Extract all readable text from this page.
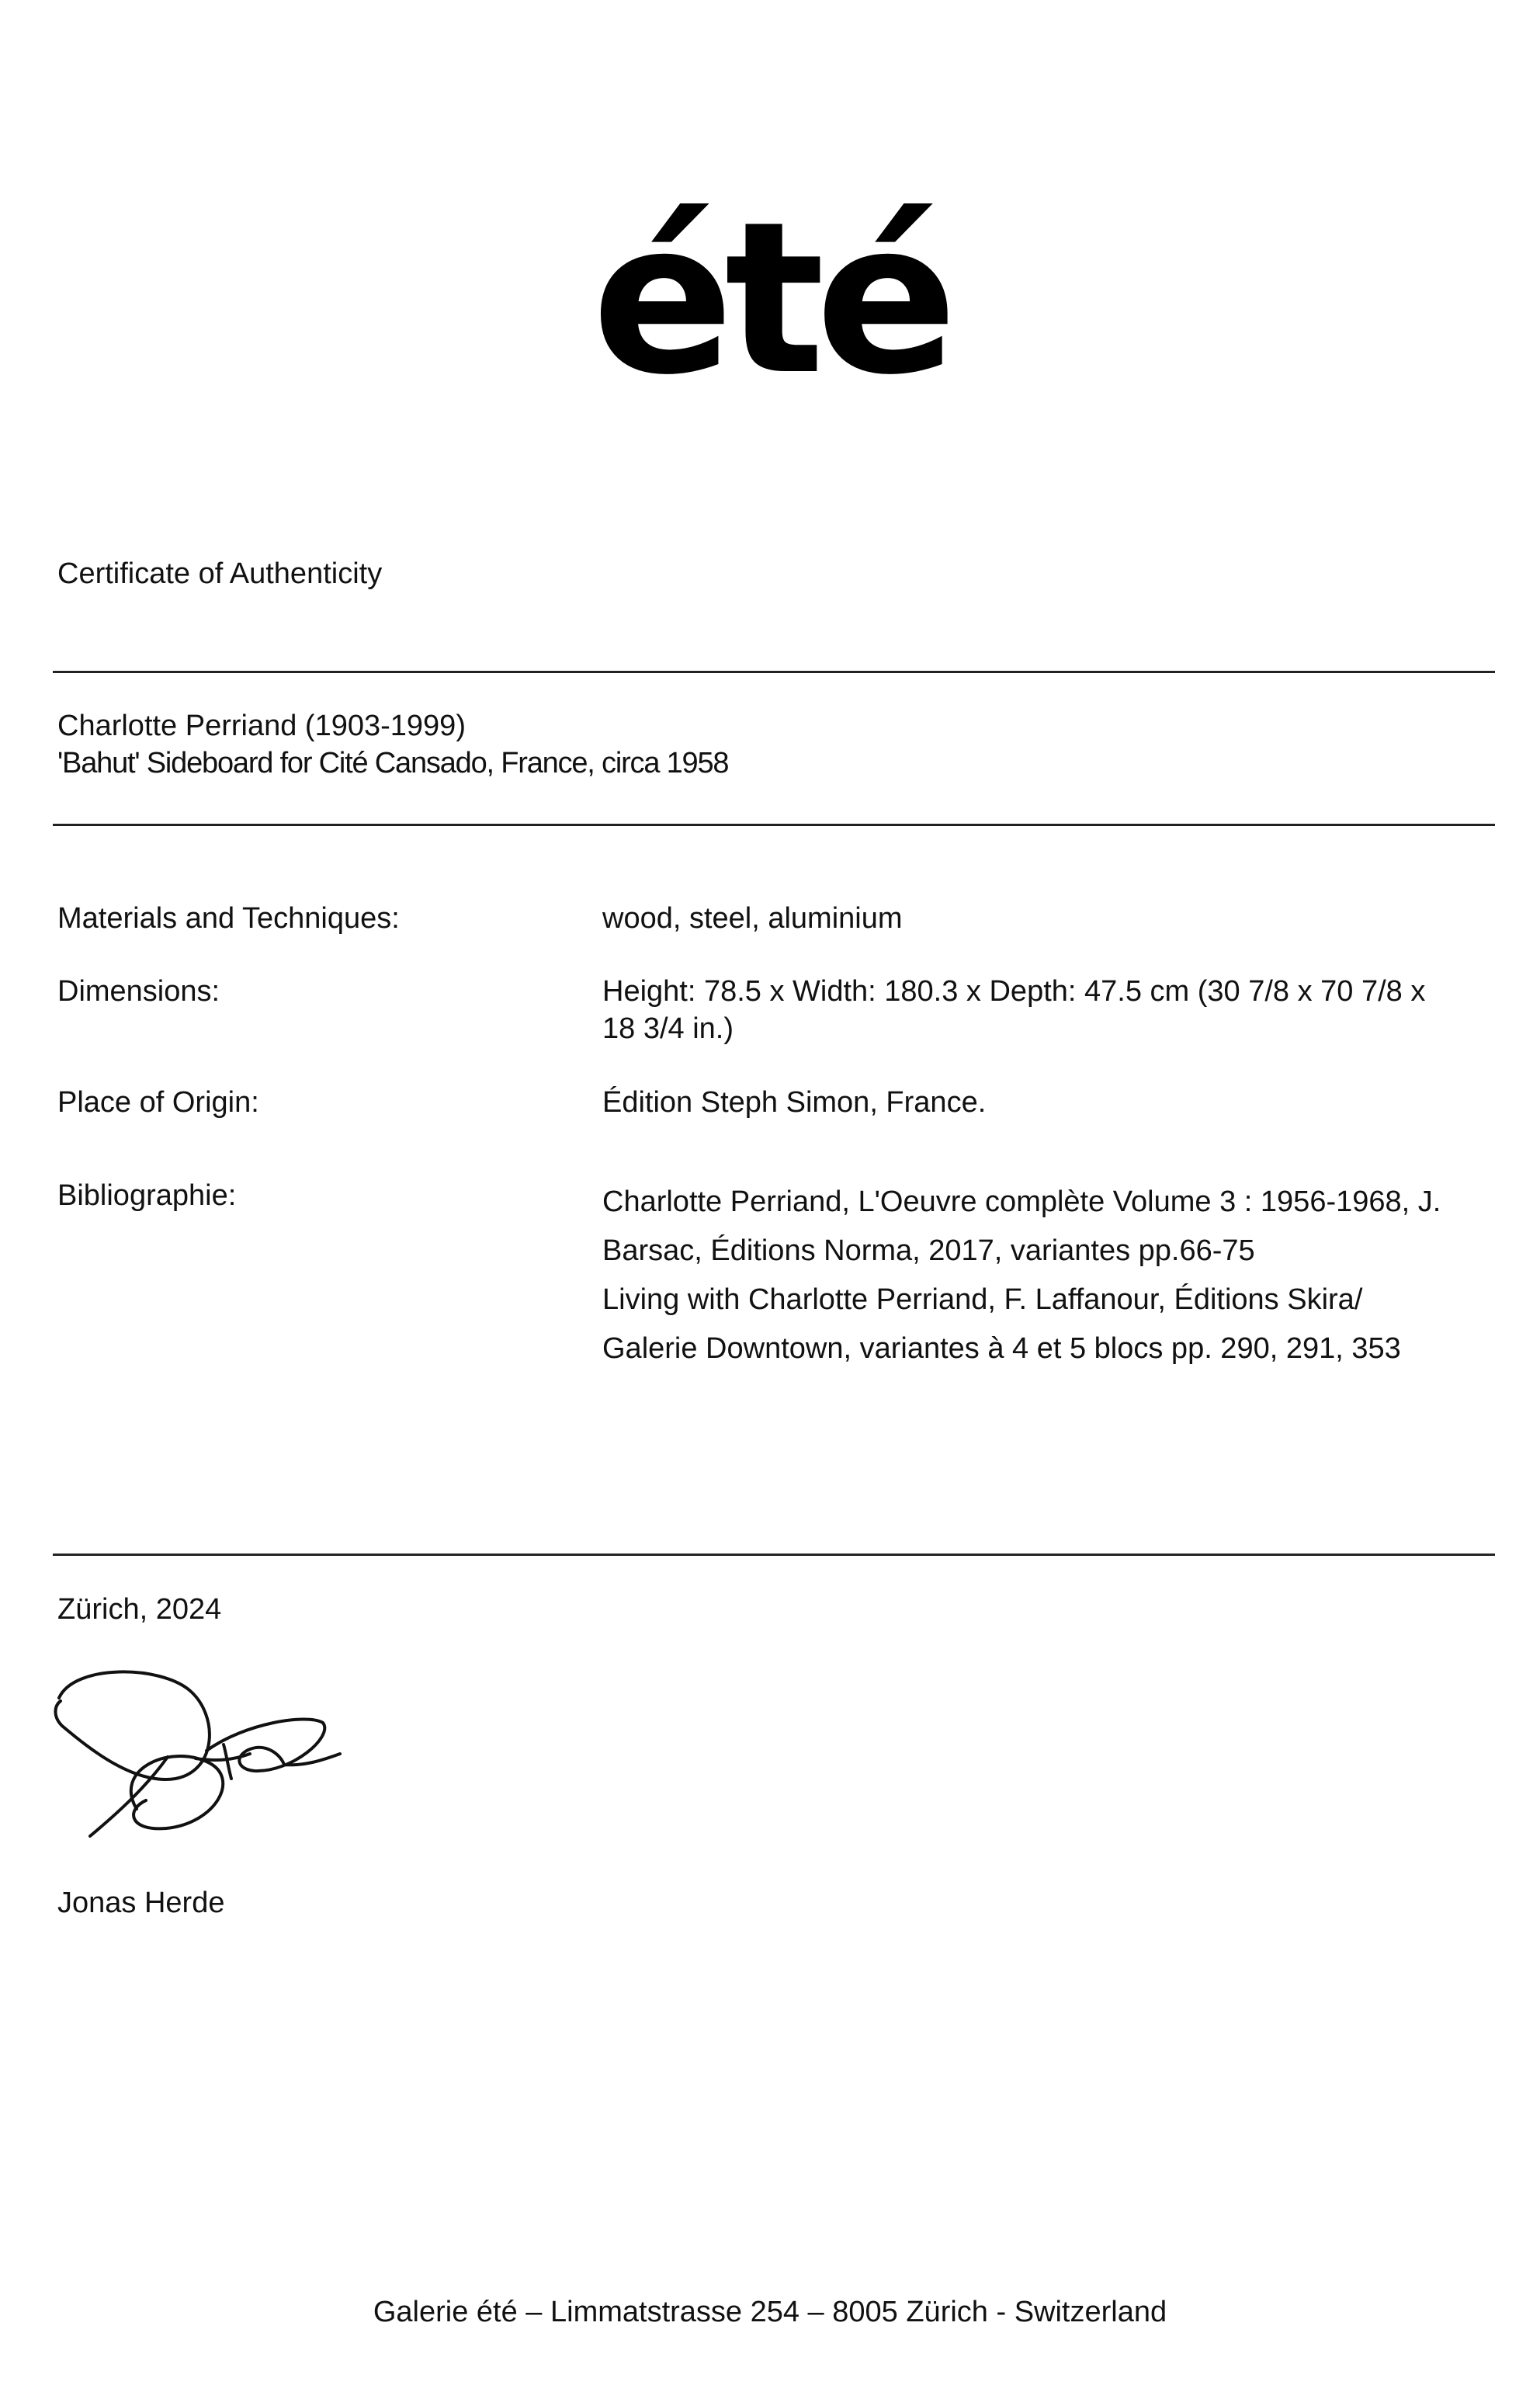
été

Certificate of Authenticity

Charlotte Perriand (1903-1999)

'Bahut' Sideboard for Cité Cansado, France, circa 1958

Materials and Techniques:	wood, steel, aluminium

Dimensions:	Height: 78.5 x Width: 180.3 x Depth: 47.5 cm (30 7/8 x 70 7/8 x 18 3/4 in.)

Place of Origin:	Édition Steph Simon, France.

Bibliographie:	Charlotte Perriand, L'Oeuvre complète Volume 3 : 1956-1968, J.
Barsac, Éditions Norma, 2017, variantes pp.66-75
Living with Charlotte Perriand, F. Laffanour, Éditions Skira/
Galerie Downtown, variantes à 4 et 5 blocs pp. 290, 291, 353

Zürich, 2024

Jonas Herde

Galerie été – Limmatstrasse 254 – 8005 Zürich - Switzerland
